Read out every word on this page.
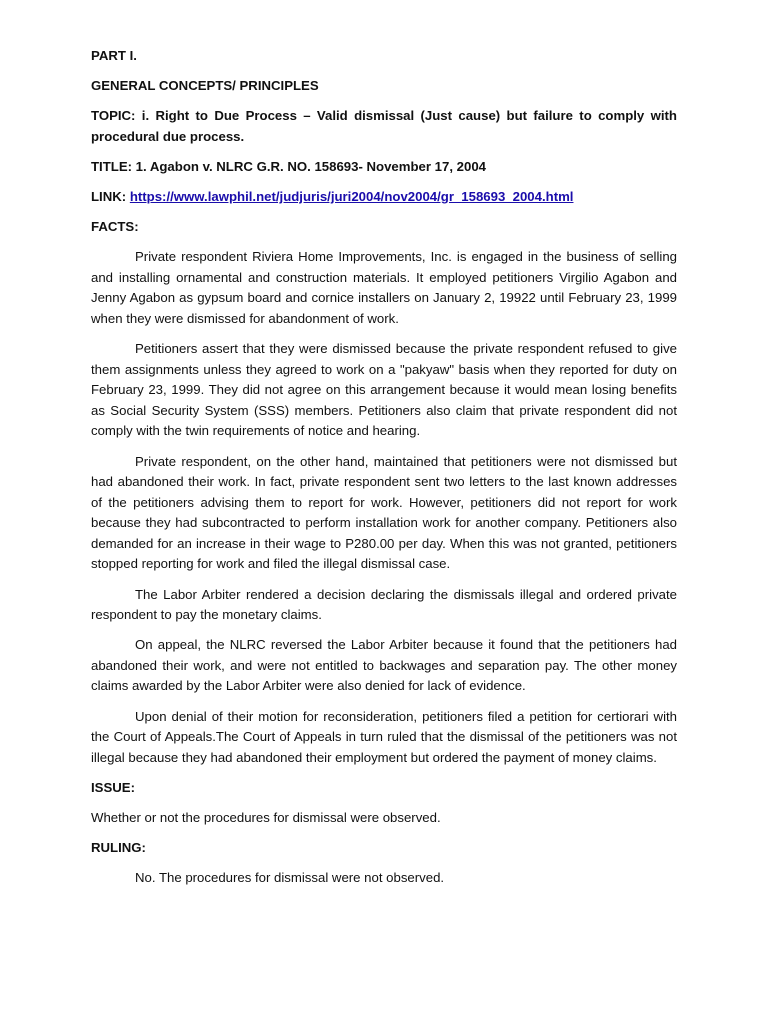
PART I.
GENERAL CONCEPTS/ PRINCIPLES
TOPIC: i. Right to Due Process – Valid dismissal (Just cause) but failure to comply with procedural due process.
TITLE: 1. Agabon v. NLRC G.R. NO. 158693- November 17, 2004
LINK: https://www.lawphil.net/judjuris/juri2004/nov2004/gr_158693_2004.html
FACTS:

Private respondent Riviera Home Improvements, Inc. is engaged in the business of selling and installing ornamental and construction materials. It employed petitioners Virgilio Agabon and Jenny Agabon as gypsum board and cornice installers on January 2, 19922 until February 23, 1999 when they were dismissed for abandonment of work.

Petitioners assert that they were dismissed because the private respondent refused to give them assignments unless they agreed to work on a "pakyaw" basis when they reported for duty on February 23, 1999. They did not agree on this arrangement because it would mean losing benefits as Social Security System (SSS) members. Petitioners also claim that private respondent did not comply with the twin requirements of notice and hearing.

Private respondent, on the other hand, maintained that petitioners were not dismissed but had abandoned their work. In fact, private respondent sent two letters to the last known addresses of the petitioners advising them to report for work. However, petitioners did not report for work because they had subcontracted to perform installation work for another company. Petitioners also demanded for an increase in their wage to P280.00 per day. When this was not granted, petitioners stopped reporting for work and filed the illegal dismissal case.

The Labor Arbiter rendered a decision declaring the dismissals illegal and ordered private respondent to pay the monetary claims.

On appeal, the NLRC reversed the Labor Arbiter because it found that the petitioners had abandoned their work, and were not entitled to backwages and separation pay. The other money claims awarded by the Labor Arbiter were also denied for lack of evidence.

Upon denial of their motion for reconsideration, petitioners filed a petition for certiorari with the Court of Appeals.The Court of Appeals in turn ruled that the dismissal of the petitioners was not illegal because they had abandoned their employment but ordered the payment of money claims.

ISSUE:

Whether or not the procedures for dismissal were observed.

RULING:

No. The procedures for dismissal were not observed.
